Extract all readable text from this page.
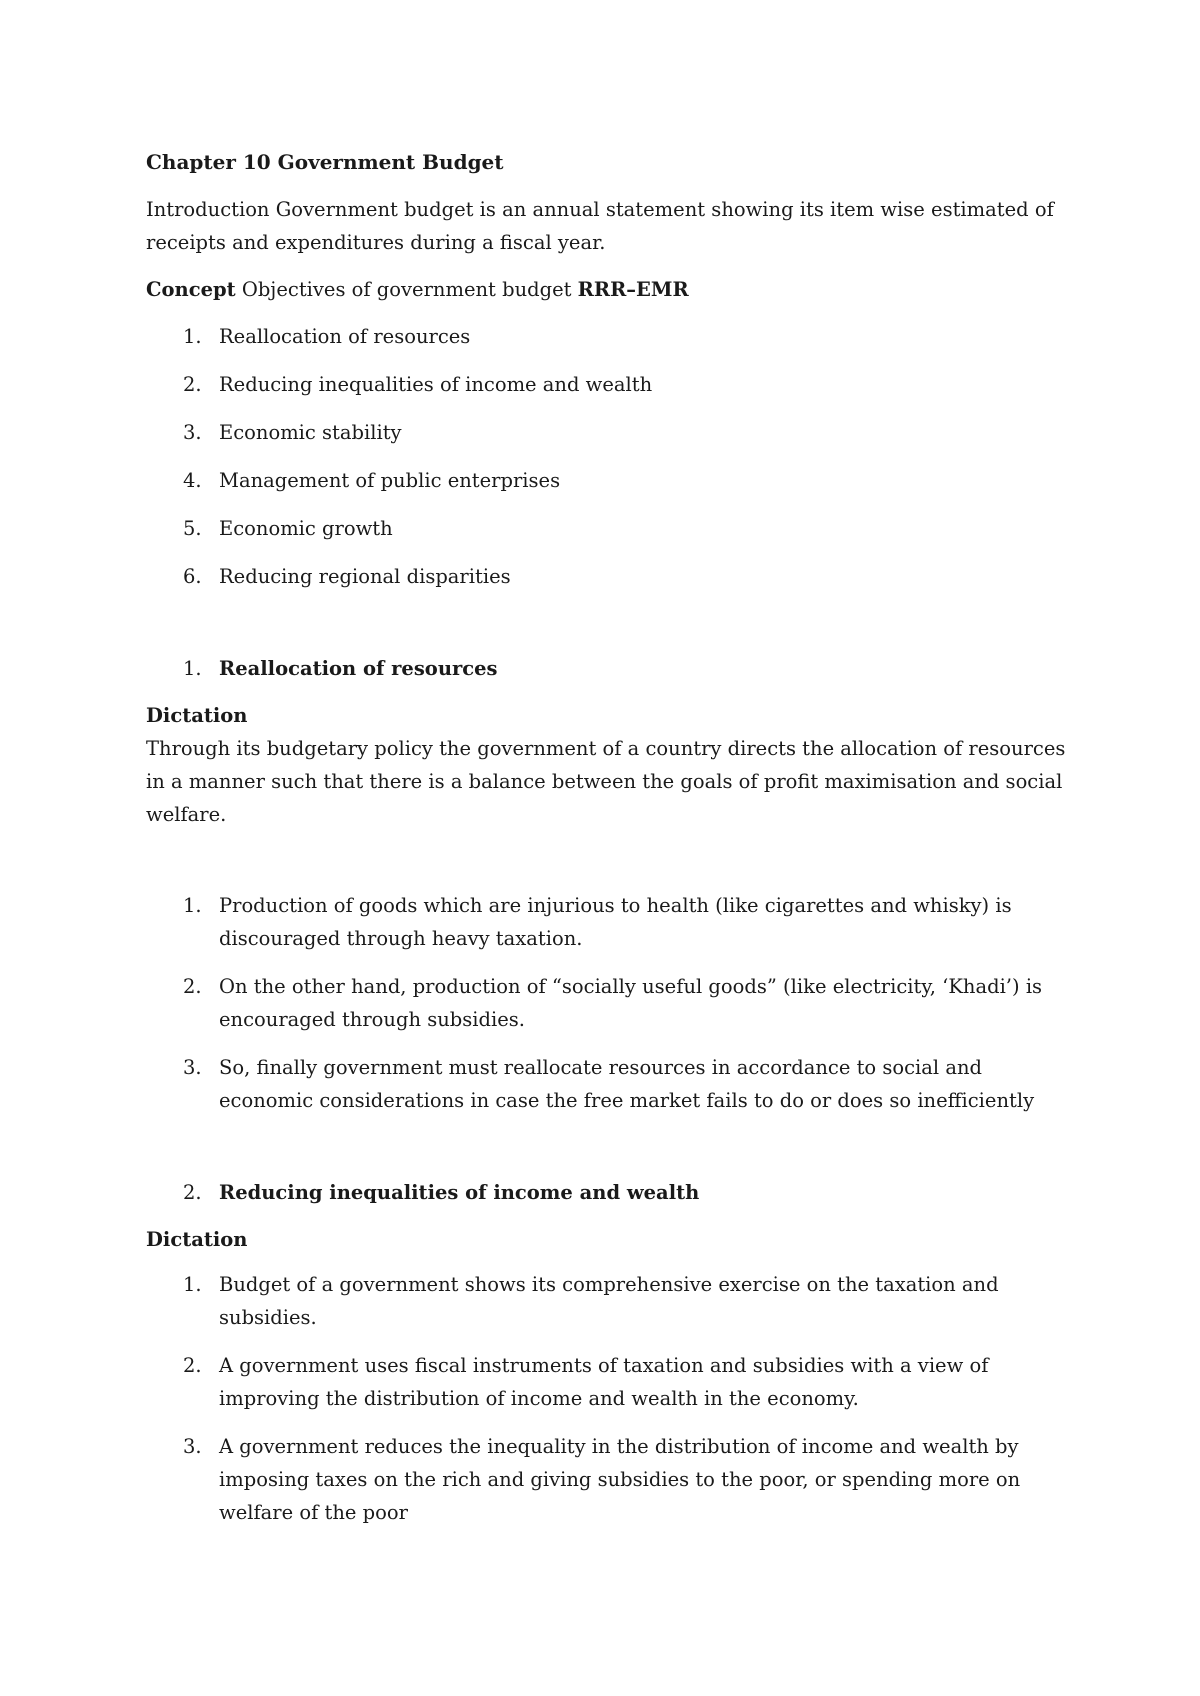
Chapter 10 Government Budget
Introduction Government budget is an annual statement showing its item wise estimated of receipts and expenditures during a fiscal year.
Concept Objectives of government budget RRR–EMR
1. Reallocation of resources
2. Reducing inequalities of income and wealth
3. Economic stability
4. Management of public enterprises
5. Economic growth
6. Reducing regional disparities
1. Reallocation of resources
Dictation
Through its budgetary policy the government of a country directs the allocation of resources in a manner such that there is a balance between the goals of profit maximisation and social welfare.
1. Production of goods which are injurious to health (like cigarettes and whisky) is discouraged through heavy taxation.
2. On the other hand, production of “socially useful goods” (like electricity, ‘Khadi’) is encouraged through subsidies.
3. So, finally government must reallocate resources in accordance to social and economic considerations in case the free market fails to do or does so inefficiently
2. Reducing inequalities of income and wealth
Dictation
1. Budget of a government shows its comprehensive exercise on the taxation and subsidies.
2. A government uses fiscal instruments of taxation and subsidies with a view of improving the distribution of income and wealth in the economy.
3. A government reduces the inequality in the distribution of income and wealth by imposing taxes on the rich and giving subsidies to the poor, or spending more on welfare of the poor
